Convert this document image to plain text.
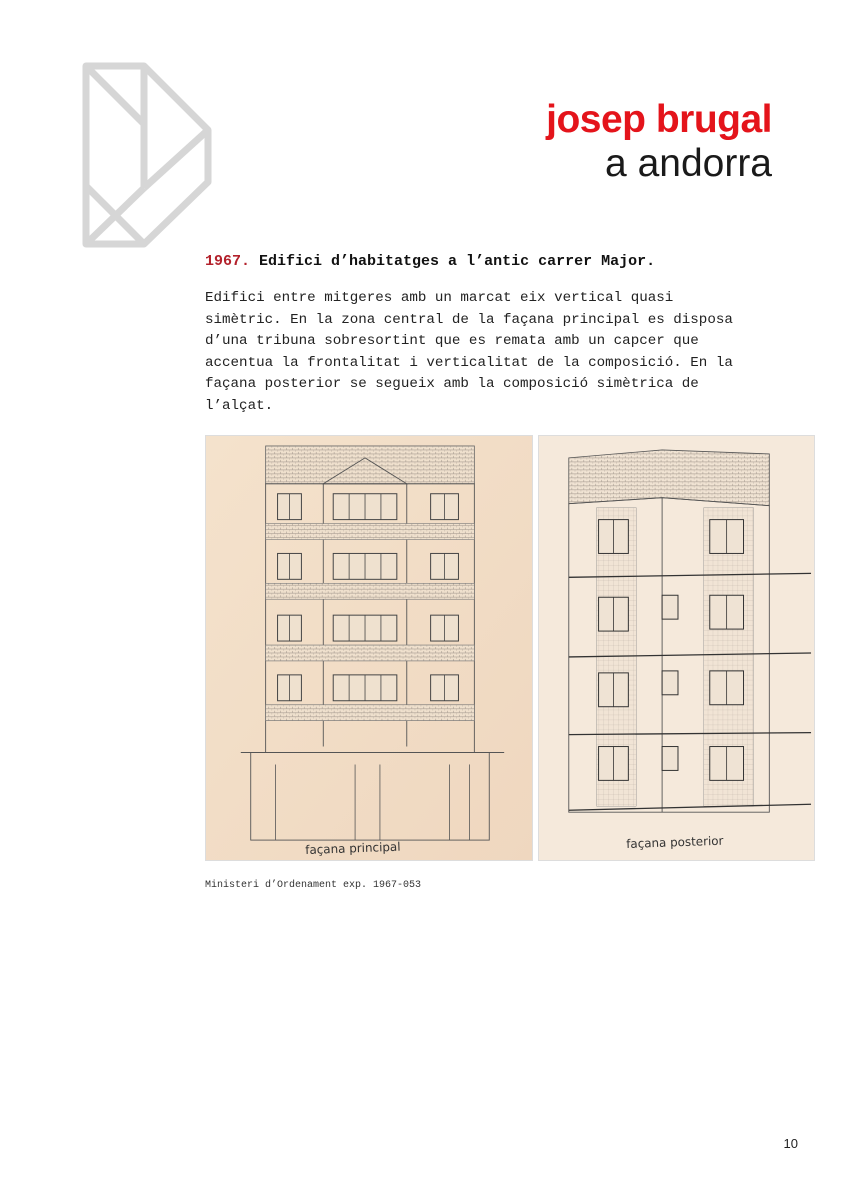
josep brugal
a andorra
1967. Edifici d’habitatges a l’antic carrer Major.
Edifici entre mitgeres amb un marcat eix vertical quasi
simètric. En la zona central de la façana principal es disposa
d’una tribuna sobresortint que es remata amb un capcer que
accentua la frontalitat i verticalitat de la composició. En la
façana posterior se segueix amb la composició simètrica de
l’alçat.
façana principal	façana posterior
Ministeri d’Ordenament exp. 1967-053
10
